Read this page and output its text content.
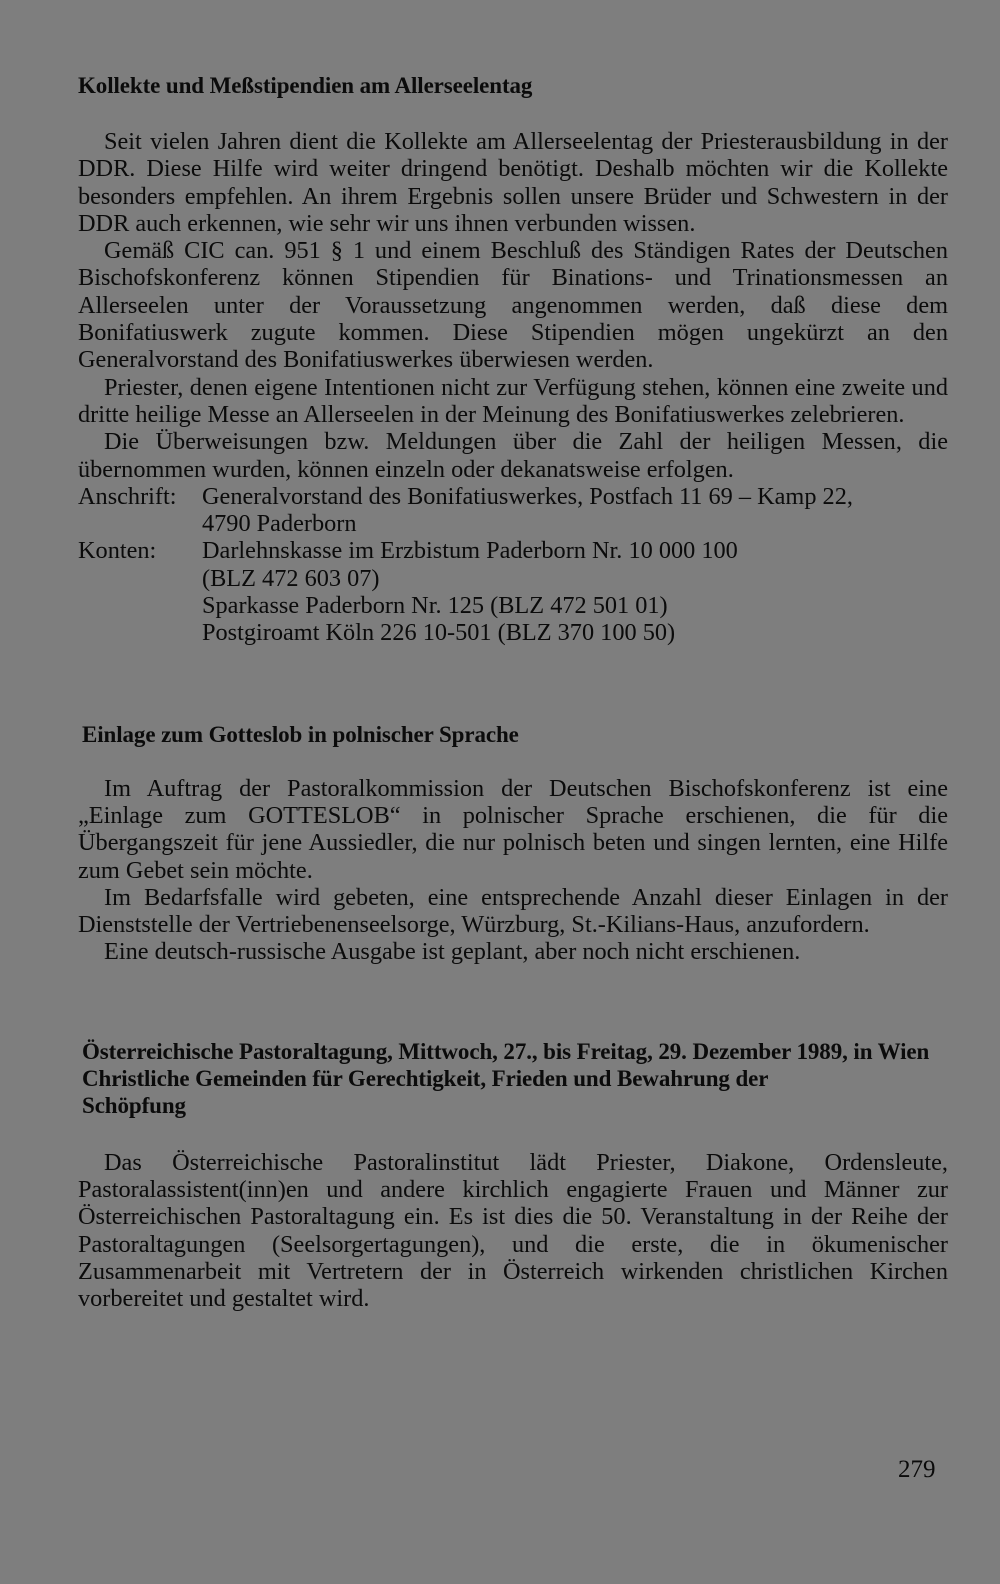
Kollekte und Meßstipendien am Allerseelentag

Seit vielen Jahren dient die Kollekte am Allerseelentag der Priesterausbildung in der DDR. Diese Hilfe wird weiter dringend benötigt. Deshalb möchten wir die Kollekte besonders empfehlen. An ihrem Ergebnis sollen unsere Brüder und Schwestern in der DDR auch erkennen, wie sehr wir uns ihnen verbunden wissen.

Gemäß CIC can. 951 § 1 und einem Beschluß des Ständigen Rates der Deutschen Bischofskonferenz können Stipendien für Binations- und Trinationsmessen an Allerseelen unter der Voraussetzung angenommen werden, daß diese dem Bonifatiuswerk zugute kommen. Diese Stipendien mögen ungekürzt an den Generalvorstand des Bonifatiuswerkes überwiesen werden.

Priester, denen eigene Intentionen nicht zur Verfügung stehen, können eine zweite und dritte heilige Messe an Allerseelen in der Meinung des Bonifatiuswerkes zelebrieren.

Die Überweisungen bzw. Meldungen über die Zahl der heiligen Messen, die übernommen wurden, können einzeln oder dekanatsweise erfolgen.

Anschrift:	Generalvorstand des Bonifatiuswerkes, Postfach 11 69 – Kamp 22,
4790 Paderborn
Konten:	Darlehnskasse im Erzbistum Paderborn Nr. 10 000 100
(BLZ 472 603 07)
Sparkasse Paderborn Nr. 125 (BLZ 472 501 01)
Postgiroamt Köln 226 10-501 (BLZ 370 100 50)
Einlage zum Gotteslob in polnischer Sprache

Im Auftrag der Pastoralkommission der Deutschen Bischofskonferenz ist eine „Einlage zum GOTTESLOB“ in polnischer Sprache erschienen, die für die Übergangszeit für jene Aussiedler, die nur polnisch beten und singen lernten, eine Hilfe zum Gebet sein möchte.

Im Bedarfsfalle wird gebeten, eine entsprechende Anzahl dieser Einlagen in der Dienststelle der Vertriebenenseelsorge, Würzburg, St.-Kilians-Haus, anzufordern.

Eine deutsch-russische Ausgabe ist geplant, aber noch nicht erschienen.

Österreichische Pastoraltagung, Mittwoch, 27., bis Freitag, 29. Dezember 1989, in Wien
Christliche Gemeinden für Gerechtigkeit, Frieden und Bewahrung der Schöpfung

Das Österreichische Pastoralinstitut lädt Priester, Diakone, Ordensleute, Pastoralassistent(inn)en und andere kirchlich engagierte Frauen und Männer zur Österreichischen Pastoraltagung ein. Es ist dies die 50. Veranstaltung in der Reihe der Pastoraltagungen (Seelsorgertagungen), und die erste, die in ökumenischer Zusammenarbeit mit Vertretern der in Österreich wirkenden christlichen Kirchen vorbereitet und gestaltet wird.

279
